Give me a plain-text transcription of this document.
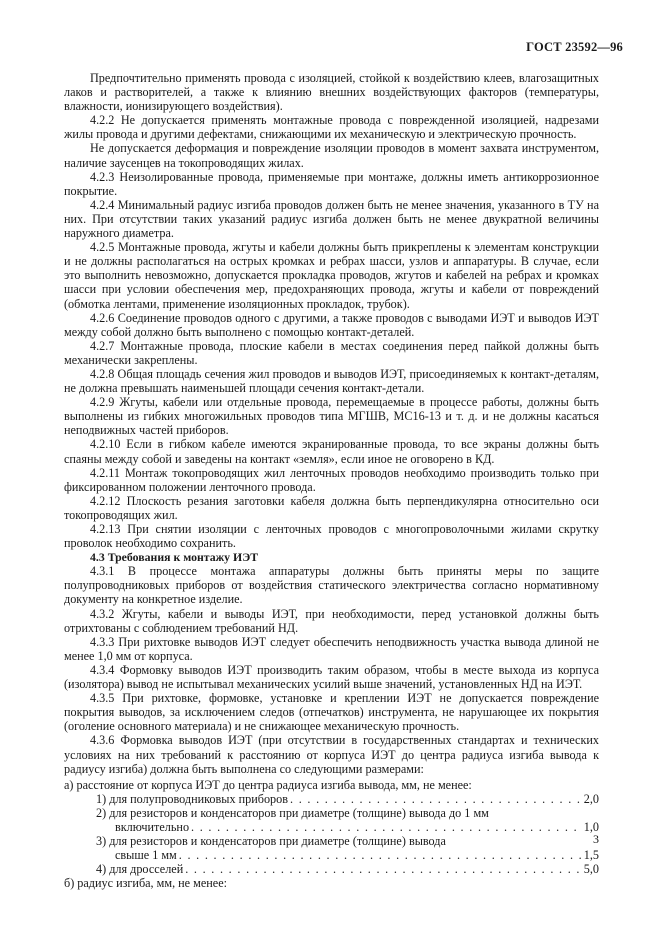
ГОСТ 23592—96

Предпочтительно применять провода с изоляцией, стойкой к воздействию клеев, влагозащитных лаков и растворителей, а также к влиянию внешних воздействующих факторов (температуры, влажности, ионизирующего воздействия).

4.2.2 Не допускается применять монтажные провода с поврежденной изоляцией, надрезами жилы провода и другими дефектами, снижающими их механическую и электрическую прочность.

Не допускается деформация и повреждение изоляции проводов в момент захвата инструментом, наличие заусенцев на токопроводящих жилах.

4.2.3 Неизолированные провода, применяемые при монтаже, должны иметь антикоррозионное покрытие.

4.2.4 Минимальный радиус изгиба проводов должен быть не менее значения, указанного в ТУ на них. При отсутствии таких указаний радиус изгиба должен быть не менее двукратной величины наружного диаметра.

4.2.5 Монтажные провода, жгуты и кабели должны быть прикреплены к элементам конструкции и не должны располагаться на острых кромках и ребрах шасси, узлов и аппаратуры. В случае, если это выполнить невозможно, допускается прокладка проводов, жгутов и кабелей на ребрах и кромках шасси при условии обеспечения мер, предохраняющих провода, жгуты и кабели от повреждений (обмотка лентами, применение изоляционных прокладок, трубок).

4.2.6 Соединение проводов одного с другими, а также проводов с выводами ИЭТ и выводов ИЭТ между собой должно быть выполнено с помощью контакт-деталей.

4.2.7 Монтажные провода, плоские кабели в местах соединения перед пайкой должны быть механически закреплены.

4.2.8 Общая площадь сечения жил проводов и выводов ИЭТ, присоединяемых к контакт-деталям, не должна превышать наименьшей площади сечения контакт-детали.

4.2.9 Жгуты, кабели или отдельные провода, перемещаемые в процессе работы, должны быть выполнены из гибких многожильных проводов типа МГШВ, МС16-13 и т. д. и не должны касаться неподвижных частей приборов.

4.2.10 Если в гибком кабеле имеются экранированные провода, то все экраны должны быть спаяны между собой и заведены на контакт «земля», если иное не оговорено в КД.

4.2.11 Монтаж токопроводящих жил ленточных проводов необходимо производить только при фиксированном положении ленточного провода.

4.2.12 Плоскость резания заготовки кабеля должна быть перпендикулярна относительно оси токопроводящих жил.

4.2.13 При снятии изоляции с ленточных проводов с многопроволочными жилами скрутку проволок необходимо сохранить.

4.3 Требования к монтажу ИЭТ

4.3.1 В процессе монтажа аппаратуры должны быть приняты меры по защите полупроводниковых приборов от воздействия статического электричества согласно нормативному документу на конкретное изделие.

4.3.2 Жгуты, кабели и выводы ИЭТ, при необходимости, перед установкой должны быть отрихтованы с соблюдением требований НД.

4.3.3 При рихтовке выводов ИЭТ следует обеспечить неподвижность участка вывода длиной не менее 1,0 мм от корпуса.

4.3.4 Формовку выводов ИЭТ производить таким образом, чтобы в месте выхода из корпуса (изолятора) вывод не испытывал механических усилий выше значений, установленных НД на ИЭТ.

4.3.5 При рихтовке, формовке, установке и креплении ИЭТ не допускается повреждение покрытия выводов, за исключением следов (отпечатков) инструмента, не нарушающее их покрытия (оголение основного материала) и не снижающее механическую прочность.

4.3.6 Формовка выводов ИЭТ (при отсутствии в государственных стандартах и технических условиях на них требований к расстоянию от корпуса ИЭТ до центра радиуса изгиба вывода к радиусу изгиба) должна быть выполнена со следующими размерами:

а) расстояние от корпуса ИЭТ до центра радиуса изгиба вывода, мм, не менее:
1) для полупроводниковых приборов . . .	2,0
2) для резисторов и конденсаторов при диаметре (толщине) вывода до 1 мм
включительно . . .	1,0
3) для резисторов и конденсаторов при диаметре (толщине) вывода
свыше 1 мм . . .	1,5
4) для дросселей . . .	5,0
б) радиус изгиба, мм, не менее:
3
